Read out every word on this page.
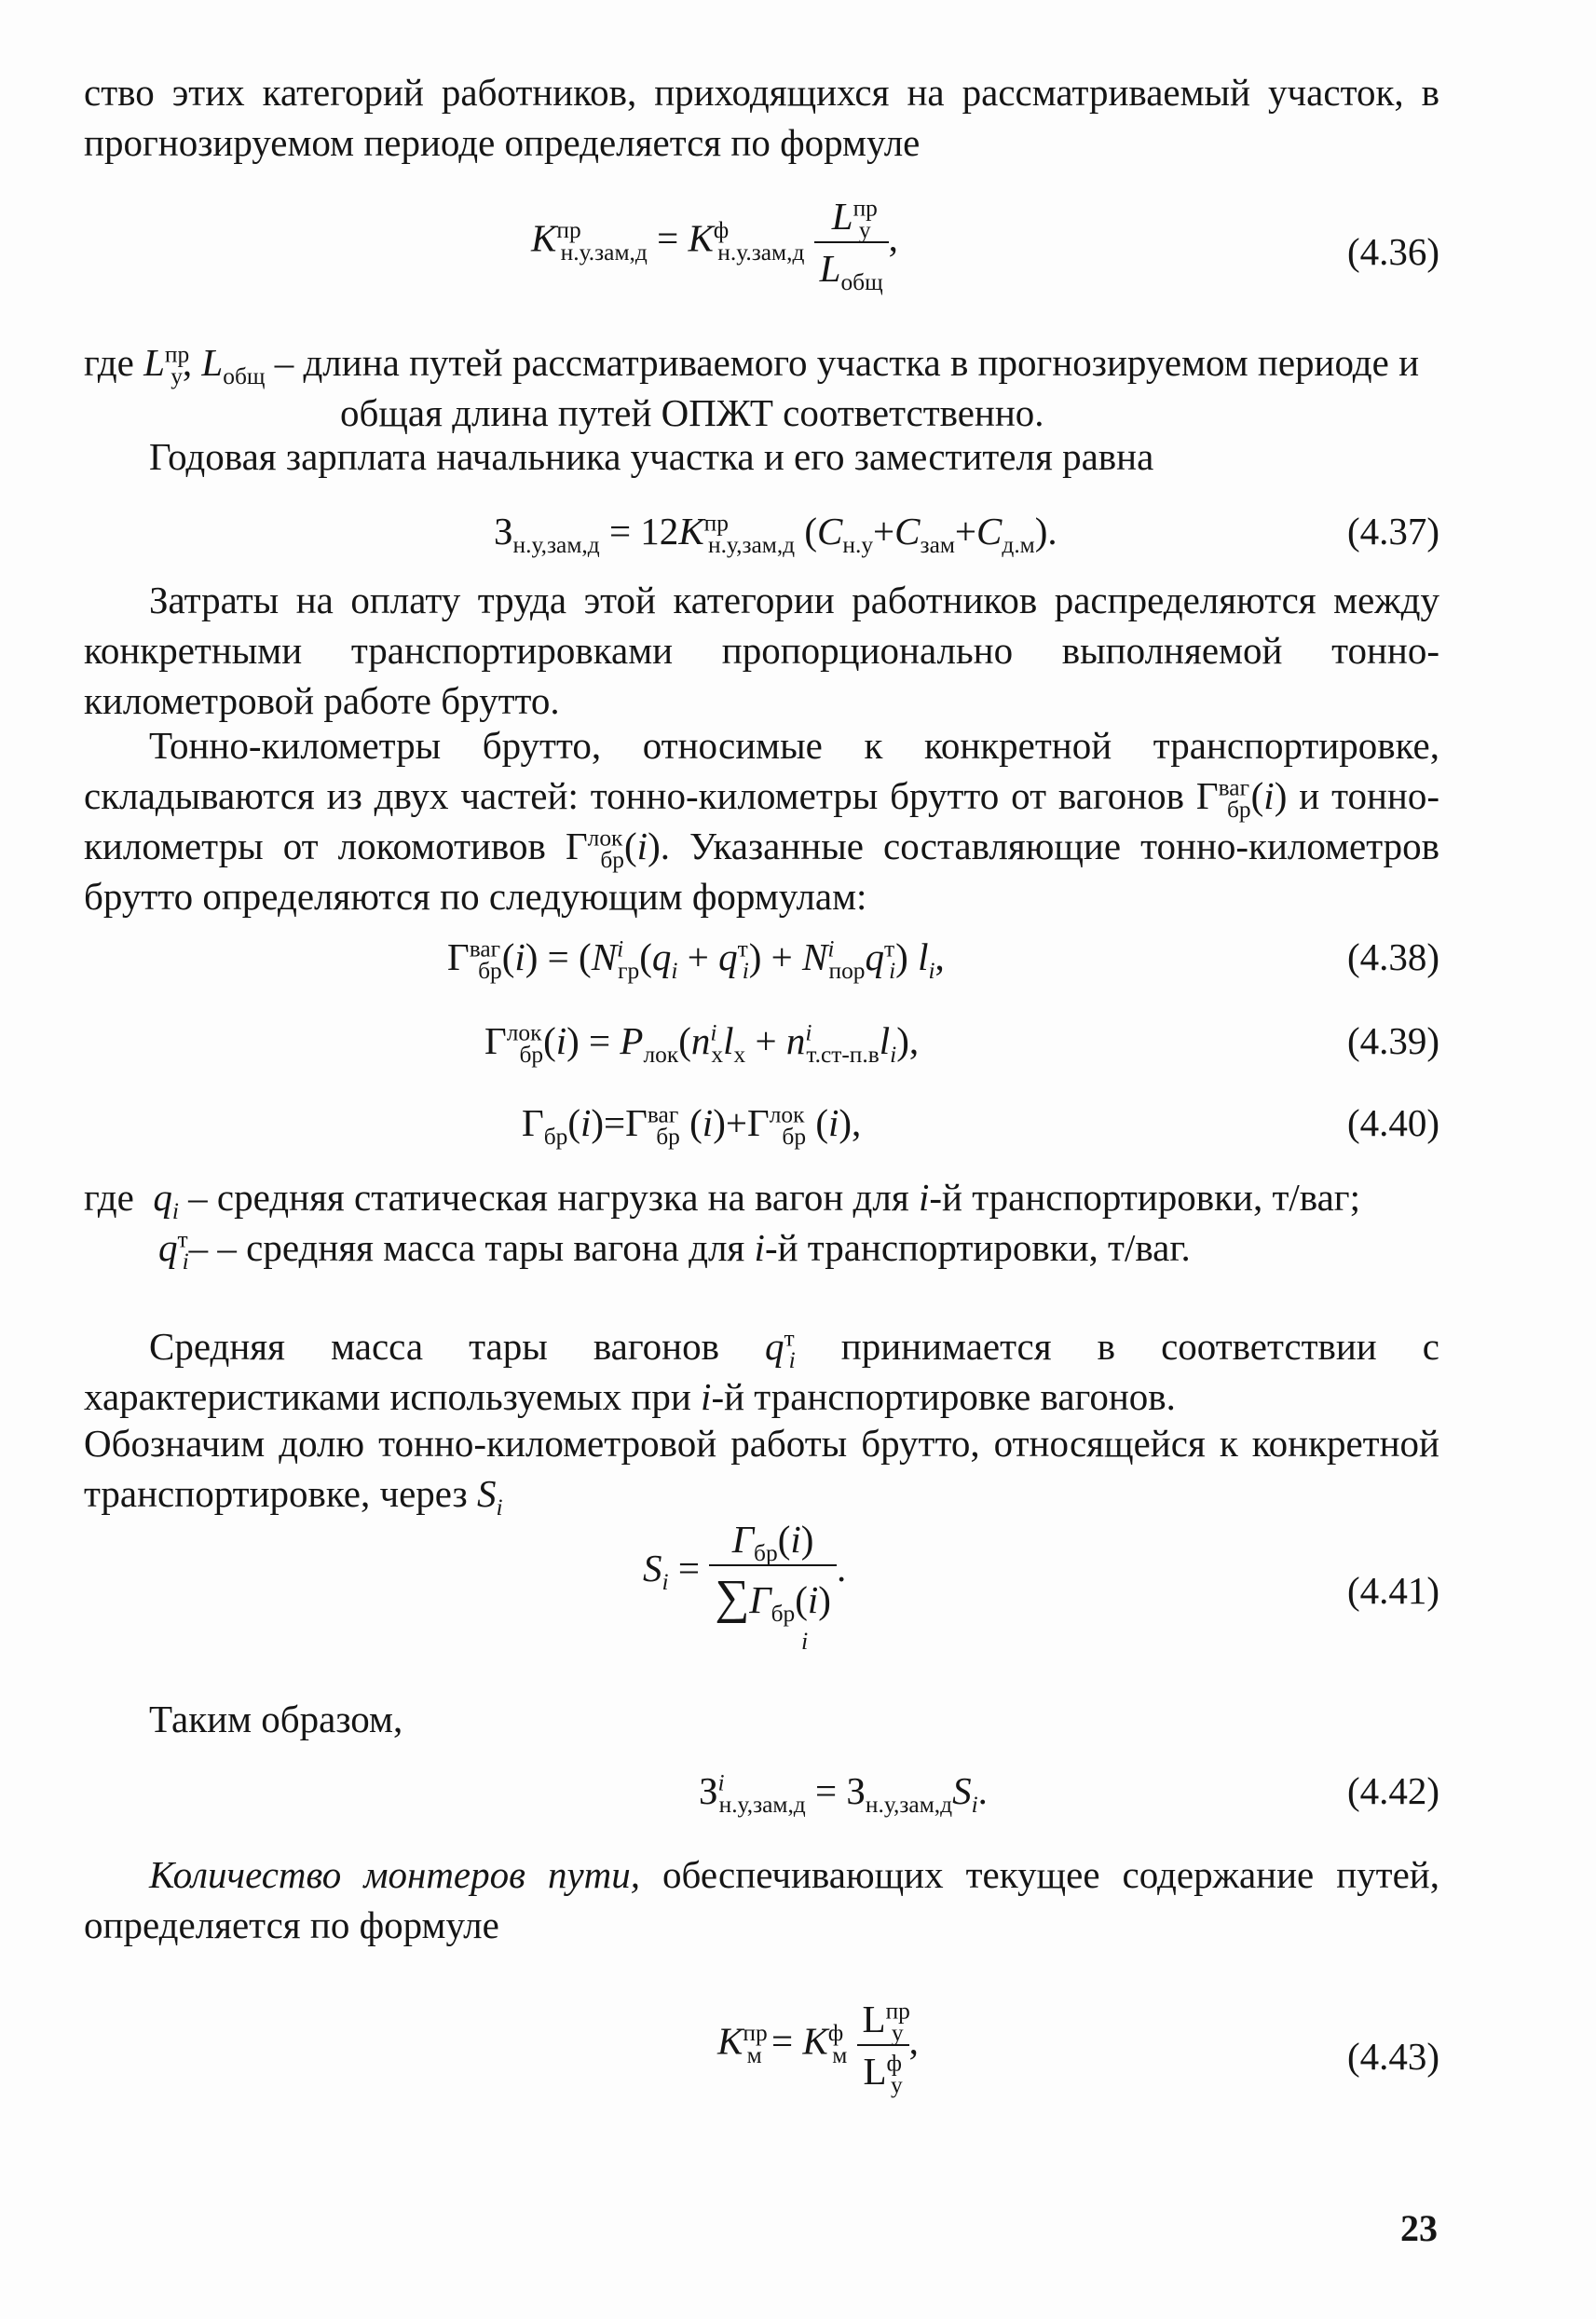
ство этих категорий работников, приходящихся на рассматриваемый участок, в прогнозируемом периоде определяется по формуле

$K^{пр}_{н.у.зам,д} = K^ф_{н.у.зам,д} \frac{L^{пр}_у}{L_{общ}}$ ,	(4.36)

где $L^{пр}_у$, $L_{общ}$ – длина путей рассматриваемого участка в прогнозируемом периоде и общая длина путей ОПЖТ соответственно.

Годовая зарплата начальника участка и его заместителя равна

$З_{н.у,зам,д} = 12K^{пр}_{н.у,зам,д}$ $(C_{н.у}+C_{зам}+C_{д.м})$.	(4.37)

Затраты на оплату труда этой категории работников распределяются между конкретными транспортировками пропорционально выполняемой тонно-километровой работе брутто.

Тонно-километры брутто, относимые к конкретной транспортировке, складываются из двух частей: тонно-километры брутто от вагонов $Г^{ваг}_{бр}(i)$ и тонно-километры от локомотивов $Г^{лок}_{бр}(i)$. Указанные составляющие тонно-километров брутто определяются по следующим формулам:

$Г^{ваг}_{бр}(i) = (N^i_{гр}(q_i + q^т_i) + N^i_{пор}q^т_i)$ $l_i$,	(4.38)
$Г^{лок}_{бр}(i) = P_{лок}(n^i_хl_х + n^i_{т.ст-п.в}l_i)$,	(4.39)
$Г_{бр}(i)=Г^{ваг}_{бр}$ $(i)+Г^{лок}_{бр}$ (i),	(4.40)

где $q_i$ – средняя статическая нагрузка на вагон для i-й транспортировки, т/ваг;

$q^т_i-$ – средняя масса тары вагона для i-й транспортировки, т/ваг.

Средняя масса тары вагонов $q^т_i$ принимается в соответствии с характеристиками используемых при i-й транспортировке вагонов.

Обозначим долю тонно-километровой работы брутто, относящейся к конкретной транспортировке, через $S_i$

$S_i = \frac{Г_{бр}(i)}{\sum Г_{бр}(i)}$ .
i
(4.41)

Таким образом,

$З^i_{н.у,зам,д} = З_{н.у,зам,д}S_i$.	(4.42)

Количество монтеров пути, обеспечивающих текущее содержание путей, определяется по формуле

$K^{пр}_м = K^ф_м \frac{L^{пр}_у}{L^ф_у}$ ,	(4.43)
23
